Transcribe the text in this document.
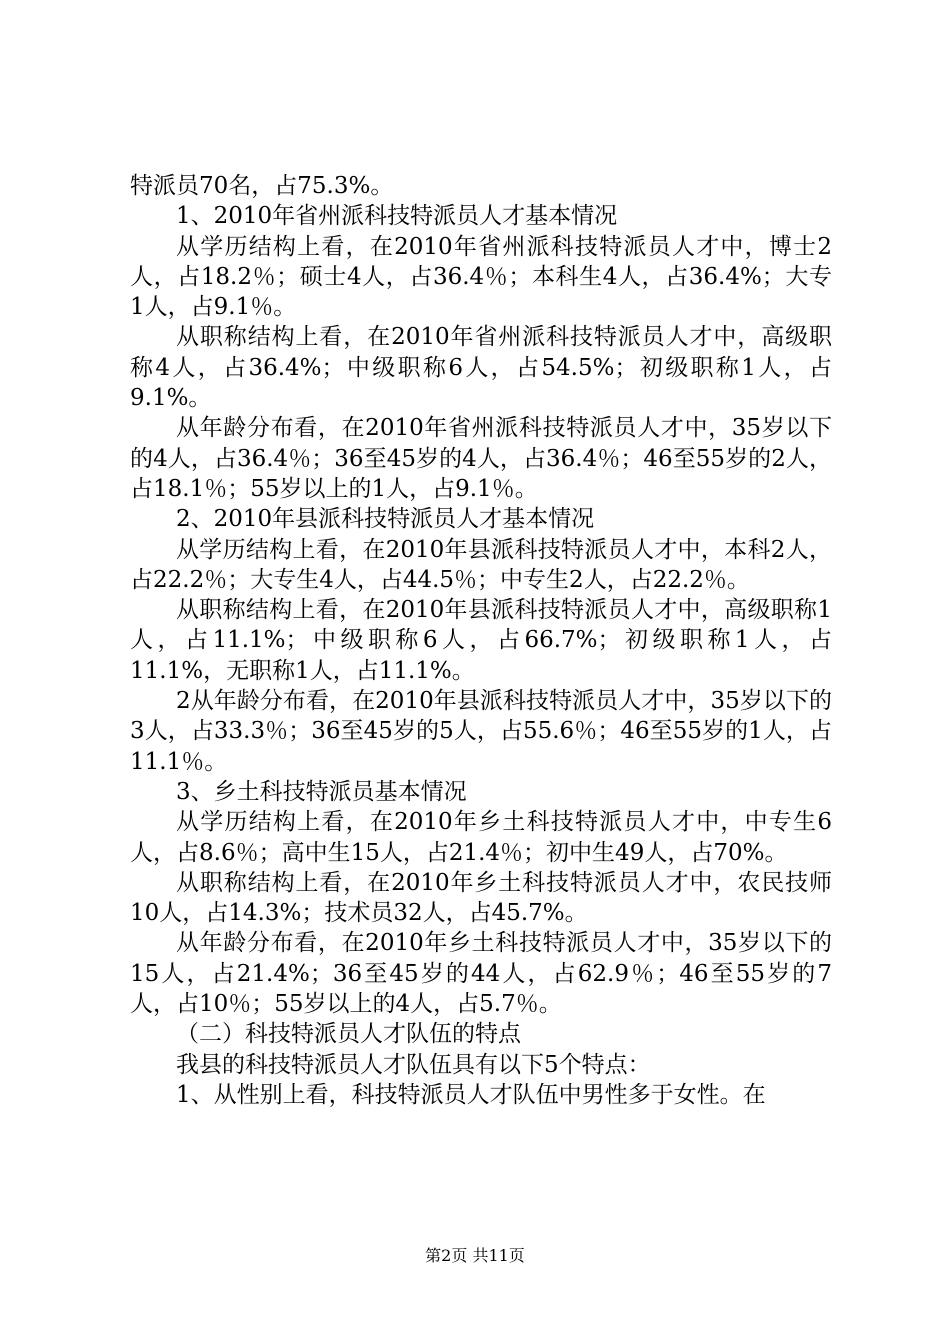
特派员70名，占75.3%。

1、2010年省州派科技特派员人才基本情况

从学历结构上看，在2010年省州派科技特派员人才中，博士2人，占18.2％；硕士4人，占36.4％；本科生4人，占36.4%；大专1人，占9.1％。

从职称结构上看，在2010年省州派科技特派员人才中，高级职称4人，占36.4%；中级职称6人，占54.5%；初级职称1人，占9.1%。

从年龄分布看，在2010年省州派科技特派员人才中，35岁以下的4人，占36.4％；36至45岁的4人，占36.4％；46至55岁的2人，占18.1％；55岁以上的1人，占9.1％。

2、2010年县派科技特派员人才基本情况

从学历结构上看，在2010年县派科技特派员人才中，本科2人，占22.2％；大专生4人，占44.5％；中专生2人，占22.2％。

从职称结构上看，在2010年县派科技特派员人才中，高级职称1人，占11.1%；中级职称6人，占66.7%；初级职称1人，占11.1%，无职称1人，占11.1%。

2从年龄分布看，在2010年县派科技特派员人才中，35岁以下的3人，占33.3％；36至45岁的5人，占55.6％；46至55岁的1人，占11.1％。

3、乡土科技特派员基本情况

从学历结构上看，在2010年乡土科技特派员人才中，中专生6人，占8.6％；高中生15人，占21.4％；初中生49人，占70%。

从职称结构上看，在2010年乡土科技特派员人才中，农民技师10人，占14.3%；技术员32人，占45.7%。

从年龄分布看，在2010年乡土科技特派员人才中，35岁以下的15人，占21.4%；36至45岁的44人，占62.9％；46至55岁的7人，占10％；55岁以上的4人，占5.7％。

（二）科技特派员人才队伍的特点

我县的科技特派员人才队伍具有以下5个特点：

1、从性别上看，科技特派员人才队伍中男性多于女性。在

第2页 共11页
